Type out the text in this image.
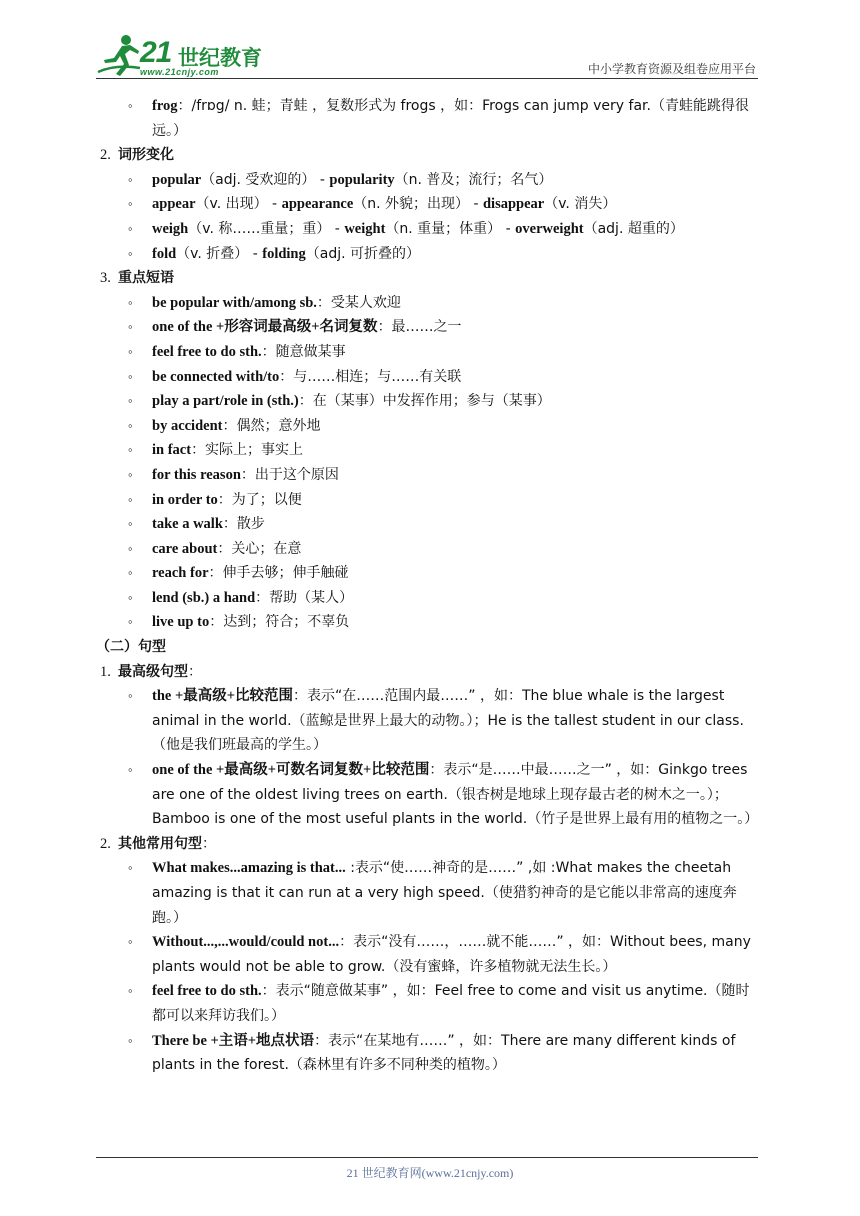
21 世纪教育
www.21cnjy.com	中小学教育资源及组卷应用平台
◦ frog：/frɒg/ n. 蛙；青蛙 ，复数形式为 frogs ，如：Frogs can jump very far.（青蛙能跳得很远。）
2. 词形变化
◦ popular（adj. 受欢迎的） - popularity（n. 普及；流行；名气）
◦ appear（v. 出现） - appearance（n. 外貌；出现） - disappear（v. 消失）
◦ weigh（v. 称……重量；重） - weight（n. 重量；体重） - overweight（adj. 超重的）
◦ fold（v. 折叠） - folding（adj. 可折叠的）
3. 重点短语
◦ be popular with/among sb.：受某人欢迎
◦ one of the +形容词最高级+名词复数：最……之一
◦ feel free to do sth.：随意做某事
◦ be connected with/to：与……相连；与……有关联
◦ play a part/role in (sth.)：在（某事）中发挥作用；参与（某事）
◦ by accident：偶然；意外地
◦ in fact：实际上；事实上
◦ for this reason：出于这个原因
◦ in order to：为了；以便
◦ take a walk：散步
◦ care about：关心；在意
◦ reach for：伸手去够；伸手触碰
◦ lend (sb.) a hand：帮助（某人）
◦ live up to：达到；符合；不辜负
（二）句型
1. 最高级句型：
◦ the +最高级+比较范围：表示“在……范围内最……” ，如：The blue whale is the largest animal in the world.（蓝鲸是世界上最大的动物。）；He is the tallest student in our class.（他是我们班最高的学生。）
◦ one of the +最高级+可数名词复数+比较范围：表示“是……中最……之一” ，如：Ginkgo trees are one of the oldest living trees on earth.（银杏树是地球上现存最古老的树木之一。）；Bamboo is one of the most useful plants in the world.（竹子是世界上最有用的植物之一。）
2. 其他常用句型：
◦ What makes...amazing is that... :表示“使……神奇的是……” ,如 :What makes the cheetah amazing is that it can run at a very high speed.（使猎豹神奇的是它能以非常高的速度奔跑。）
◦ Without...,...would/could not...：表示“没有……，……就不能……” ，如：Without bees, many plants would not be able to grow.（没有蜜蜂，许多植物就无法生长。）
◦ feel free to do sth.：表示“随意做某事” ，如：Feel free to come and visit us anytime.（随时都可以来拜访我们。）
◦ There be +主语+地点状语：表示“在某地有……” ，如：There are many different kinds of plants in the forest.（森林里有许多不同种类的植物。）
21 世纪教育网(www.21cnjy.com)
